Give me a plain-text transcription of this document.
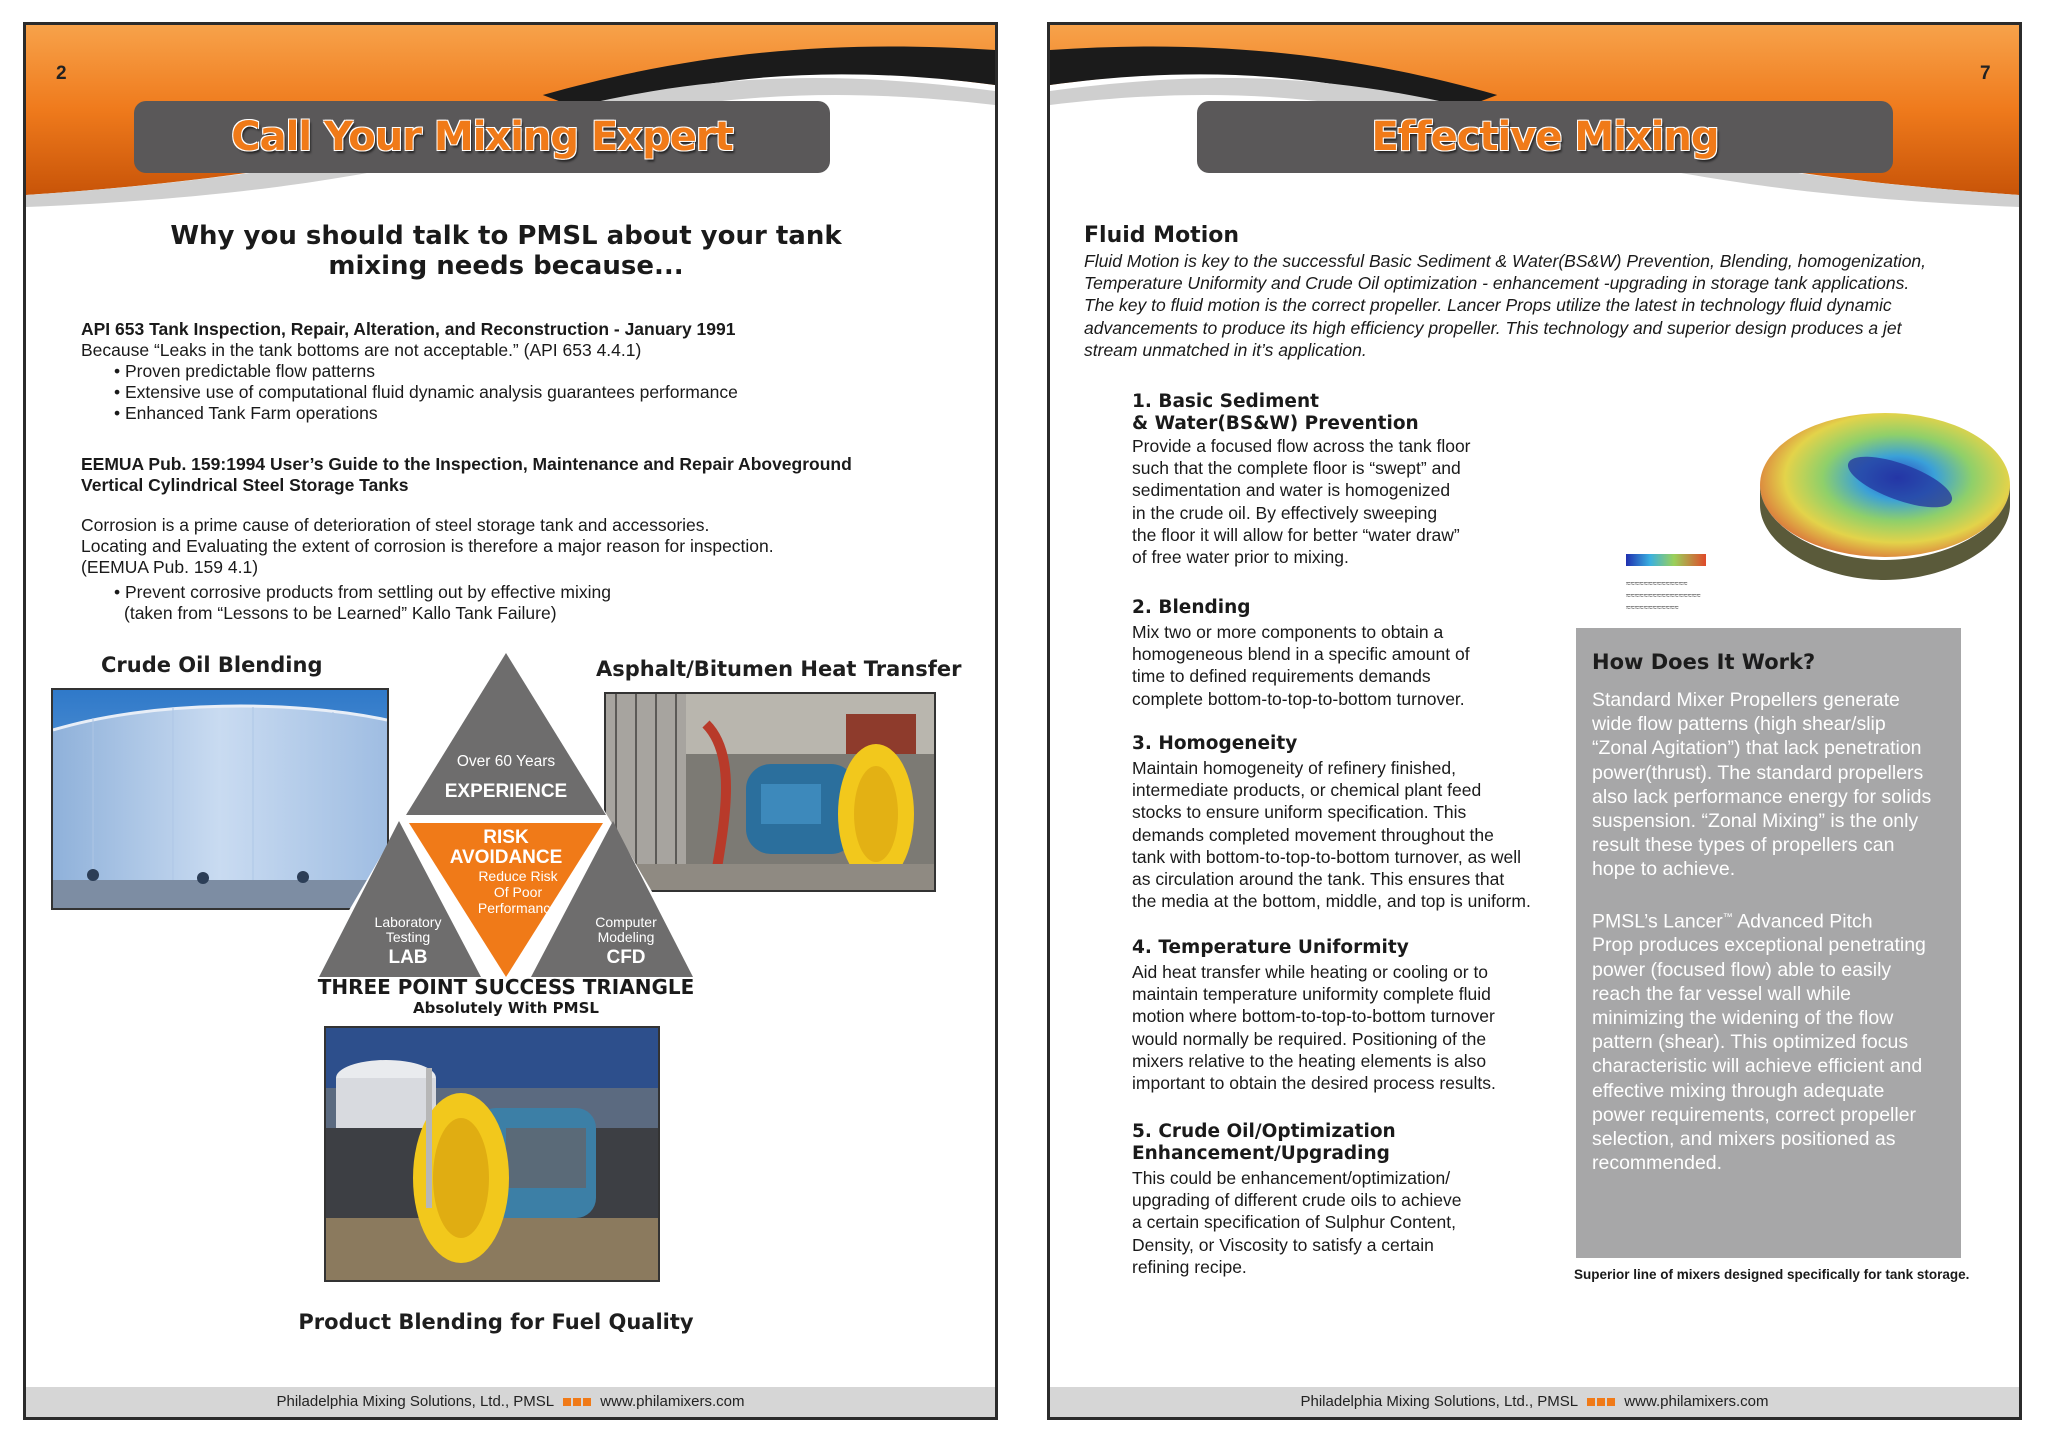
2
Call Your Mixing Expert
Why you should talk to PMSL about your tank
mixing needs because...
API 653 Tank Inspection, Repair, Alteration, and Reconstruction - January 1991
Because “Leaks in the tank bottoms are not acceptable.” (API 653 4.4.1)
• Proven predictable flow patterns
• Extensive use of computational fluid dynamic analysis guarantees performance
• Enhanced Tank Farm operations
EEMUA Pub. 159:1994 User’s Guide to the Inspection, Maintenance and Repair Aboveground
Vertical Cylindrical Steel Storage Tanks
Corrosion is a prime cause of deterioration of steel storage tank and accessories.
Locating and Evaluating the extent of corrosion is therefore a major reason for inspection.
(EEMUA Pub. 159 4.1)
• Prevent corrosive products from settling out by effective mixing
(taken from “Lessons to be Learned” Kallo Tank Failure)
Crude Oil Blending	Asphalt/Bitumen Heat Transfer
Over 60 Years
EXPERIENCE
RISK
AVOIDANCE
Reduce Risk
Of Poor
Performance
Laboratory
Testing
LAB
Computer
Modeling
CFD
THREE POINT SUCCESS TRIANGLE
Absolutely With PMSL
Product Blending for Fuel Quality
Philadelphia Mixing Solutions, Ltd., PMSL	www.philamixers.com
7
Effective Mixing
Fluid Motion
Fluid Motion is key to the successful Basic Sediment & Water(BS&W) Prevention, Blending, homogenization,
Temperature Uniformity and Crude Oil optimization - enhancement -upgrading in storage tank applications.
The key to fluid motion is the correct propeller. Lancer Props utilize the latest in technology fluid dynamic
advancements to produce its high efficiency propeller. This technology and superior design produces a jet
stream unmatched in it’s application.
1. Basic Sediment
& Water(BS&W) Prevention
Provide a focused flow across the tank floor
such that the complete floor is “swept” and
sedimentation and water is homogenized
in the crude oil. By effectively sweeping
the floor it will allow for better “water draw”
of free water prior to mixing.
2. Blending
Mix two or more components to obtain a
homogeneous blend in a specific amount of
time to defined requirements demands
complete bottom-to-top-to-bottom turnover.
3. Homogeneity
Maintain homogeneity of refinery finished,
intermediate products, or chemical plant feed
stocks to ensure uniform specification. This
demands completed movement throughout the
tank with bottom-to-top-to-bottom turnover, as well
as circulation around the tank. This ensures that
the media at the bottom, middle, and top is uniform.
4. Temperature Uniformity
Aid heat transfer while heating or cooling or to
maintain temperature uniformity complete fluid
motion where bottom-to-top-to-bottom turnover
would normally be required. Positioning of the
mixers relative to the heating elements is also
important to obtain the desired process results.
5. Crude Oil/Optimization
Enhancement/Upgrading
This could be enhancement/optimization/
upgrading of different crude oils to achieve
a certain specification of Sulphur Content,
Density, or Viscosity to satisfy a certain
refining recipe.
≈≈≈≈≈≈≈≈≈≈≈≈≈≈
≈≈≈≈≈≈≈≈≈≈≈≈≈≈≈≈≈
≈≈≈≈≈≈≈≈≈≈≈≈
How Does It Work?
Standard Mixer Propellers generate
wide flow patterns (high shear/slip
“Zonal Agitation”) that lack penetration
power(thrust). The standard propellers
also lack performance energy for solids
suspension. “Zonal Mixing” is the only
result these types of propellers can
hope to achieve.
PMSL’s Lancer™ Advanced Pitch
Prop produces exceptional penetrating
power (focused flow) able to easily
reach the far vessel wall while
minimizing the widening of the flow
pattern (shear). This optimized focus
characteristic will achieve efficient and
effective mixing through adequate
power requirements, correct propeller
selection, and mixers positioned as
recommended.
Superior line of mixers designed specifically for tank storage.
Philadelphia Mixing Solutions, Ltd., PMSL	www.philamixers.com
